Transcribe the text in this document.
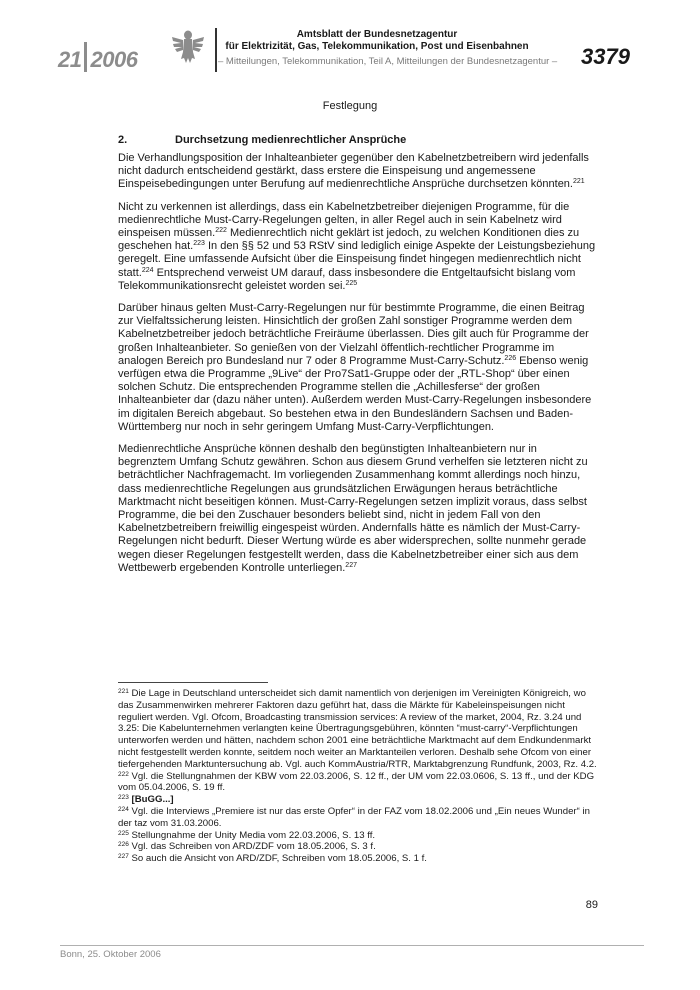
21 2006
Amtsblatt der Bundesnetzagentur
für Elektrizität, Gas, Telekommunikation, Post und Eisenbahnen
– Mitteilungen, Telekommunikation, Teil A, Mitteilungen der Bundesnetzagentur – 3379
Festlegung
2.	Durchsetzung medienrechtlicher Ansprüche

Die Verhandlungsposition der Inhalteanbieter gegenüber den Kabelnetzbetreibern wird jedenfalls nicht dadurch entscheidend gestärkt, dass erstere die Einspeisung und angemessene Einspeisebedingungen unter Berufung auf medienrechtliche Ansprüche durchsetzen könnten.$^{221}$

Nicht zu verkennen ist allerdings, dass ein Kabelnetzbetreiber diejenigen Programme, für die medienrechtliche Must-Carry-Regelungen gelten, in aller Regel auch in sein Kabelnetz wird einspeisen müssen.$^{222}$ Medienrechtlich nicht geklärt ist jedoch, zu welchen Konditionen dies zu geschehen hat.$^{223}$ In den §§ 52 und 53 RStV sind lediglich einige Aspekte der Leistungsbeziehung geregelt. Eine umfassende Aufsicht über die Einspeisung findet hingegen medienrechtlich nicht statt.$^{224}$ Entsprechend verweist UM darauf, dass insbesondere die Entgeltaufsicht bislang vom Telekommunikationsrecht geleistet worden sei.$^{225}$

Darüber hinaus gelten Must-Carry-Regelungen nur für bestimmte Programme, die einen Beitrag zur Vielfaltssicherung leisten. Hinsichtlich der großen Zahl sonstiger Programme werden dem Kabelnetzbetreiber jedoch beträchtliche Freiräume überlassen. Dies gilt auch für Programme der großen Inhalteanbieter. So genießen von der Vielzahl öffentlich-rechtlicher Programme im analogen Bereich pro Bundesland nur 7 oder 8 Programme Must-Carry-Schutz.$^{226}$ Ebenso wenig verfügen etwa die Programme „9Live“ der Pro7Sat1-Gruppe oder der „RTL-Shop“ über einen solchen Schutz. Die entsprechenden Programme stellen die „Achillesferse“ der großen Inhalteanbieter dar (dazu näher unten). Außerdem werden Must-Carry-Regelungen insbesondere im digitalen Bereich abgebaut. So bestehen etwa in den Bundesländern Sachsen und Baden-Württemberg nur noch in sehr geringem Umfang Must-Carry-Verpflichtungen.

Medienrechtliche Ansprüche können deshalb den begünstigten Inhalteanbietern nur in begrenztem Umfang Schutz gewähren. Schon aus diesem Grund verhelfen sie letzteren nicht zu beträchtlicher Nachfragemacht. Im vorliegenden Zusammenhang kommt allerdings noch hinzu, dass medienrechtliche Regelungen aus grundsätzlichen Erwägungen heraus beträchtliche Marktmacht nicht beseitigen können. Must-Carry-Regelungen setzen implizit voraus, dass selbst Programme, die bei den Zuschauer besonders beliebt sind, nicht in jedem Fall von den Kabelnetzbetreibern freiwillig eingespeist würden. Andernfalls hätte es nämlich der Must-Carry-Regelungen nicht bedurft. Dieser Wertung würde es aber widersprechen, sollte nunmehr gerade wegen dieser Regelungen festgestellt werden, dass die Kabelnetzbetreiber einer sich aus dem Wettbewerb ergebenden Kontrolle unterliegen.$^{227}$

$^{221}$ Die Lage in Deutschland unterscheidet sich damit namentlich von derjenigen im Vereinigten Königreich, wo das Zusammenwirken mehrerer Faktoren dazu geführt hat, dass die Märkte für Kabeleinspeisungen nicht reguliert werden. Vgl. Ofcom, Broadcasting transmission services: A review of the market, 2004, Rz. 3.24 und 3.25: Die Kabelunternehmen verlangten keine Übertragungsgebühren, könnten “must-carry“-Verpflichtungen unterworfen werden und hätten, nachdem schon 2001 eine beträchtliche Marktmacht auf dem Endkundenmarkt nicht festgestellt werden konnte, seitdem noch weiter an Marktanteilen verloren. Deshalb sehe Ofcom von einer tiefergehenden Marktuntersuchung ab. Vgl. auch KommAustria/RTR, Marktabgrenzung Rundfunk, 2003, Rz. 4.2.

$^{222}$ Vgl. die Stellungnahmen der KBW vom 22.03.2006, S. 12 ff., der UM vom 22.03.0606, S. 13 ff., und der KDG vom 05.04.2006, S. 19 ff.

$^{223}$ [BuGG...]

$^{224}$ Vgl. die Interviews „Premiere ist nur das erste Opfer“ in der FAZ vom 18.02.2006 und „Ein neues Wunder“ in der taz vom 31.03.2006.

$^{225}$ Stellungnahme der Unity Media vom 22.03.2006, S. 13 ff.

$^{226}$ Vgl. das Schreiben von ARD/ZDF vom 18.05.2006, S. 3 f.

$^{227}$ So auch die Ansicht von ARD/ZDF, Schreiben vom 18.05.2006, S. 1 f.

89
Bonn, 25. Oktober 2006
